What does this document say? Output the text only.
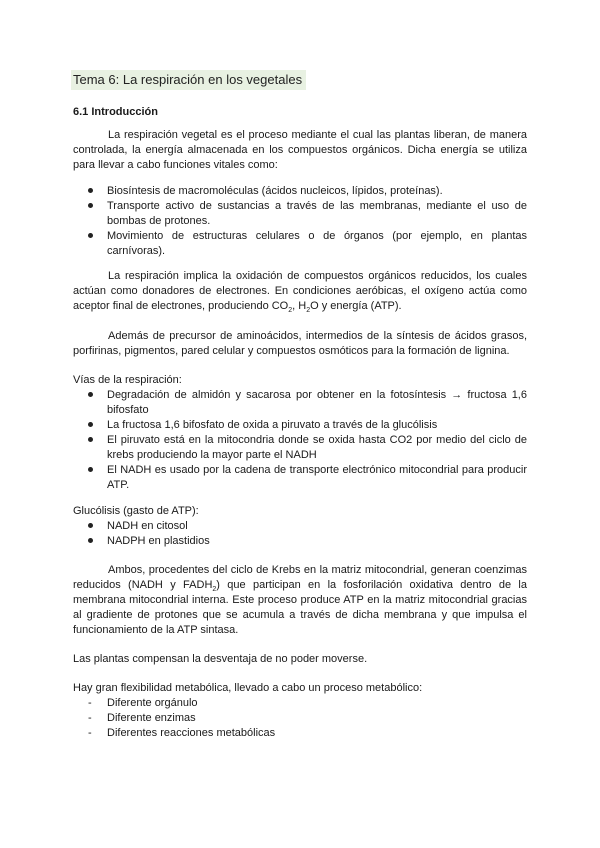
Tema 6: La respiración en los vegetales
6.1 Introducción

La respiración vegetal es el proceso mediante el cual las plantas liberan, de manera controlada, la energía almacenada en los compuestos orgánicos. Dicha energía se utiliza para llevar a cabo funciones vitales como:

Biosíntesis de macromoléculas (ácidos nucleicos, lípidos, proteínas).
Transporte activo de sustancias a través de las membranas, mediante el uso de bombas de protones.
Movimiento de estructuras celulares o de órganos (por ejemplo, en plantas carnívoras).

La respiración implica la oxidación de compuestos orgánicos reducidos, los cuales actúan como donadores de electrones. En condiciones aeróbicas, el oxígeno actúa como aceptor final de electrones, produciendo $CO_2$, $H_2O$ y energía (ATP).

Además de precursor de aminoácidos, intermedios de la síntesis de ácidos grasos, porfirinas, pigmentos, pared celular y compuestos osmóticos para la formación de lignina.

Vías de la respiración:
Degradación de almidón y sacarosa por obtener en la fotosíntesis → fructosa 1,6 bifosfato
La fructosa 1,6 bifosfato de oxida a piruvato a través de la glucólisis
El piruvato está en la mitocondria donde se oxida hasta CO2 por medio del ciclo de krebs produciendo la mayor parte el NADH
El NADH es usado por la cadena de transporte electrónico mitocondrial para producir ATP.
Glucólisis (gasto de ATP):
NADH en citosol
NADPH en plastidios

Ambos, procedentes del ciclo de Krebs en la matriz mitocondrial, generan coenzimas reducidos (NADH y $FADH_2$) que participan en la fosforilación oxidativa dentro de la membrana mitocondrial interna. Este proceso produce ATP en la matriz mitocondrial gracias al gradiente de protones que se acumula a través de dicha membrana y que impulsa el funcionamiento de la ATP sintasa.

Las plantas compensan la desventaja de no poder moverse.

Hay gran flexibilidad metabólica, llevado a cabo un proceso metabólico:

-	Diferente orgánulo
-	Diferente enzimas
-	Diferentes reacciones metabólicas
